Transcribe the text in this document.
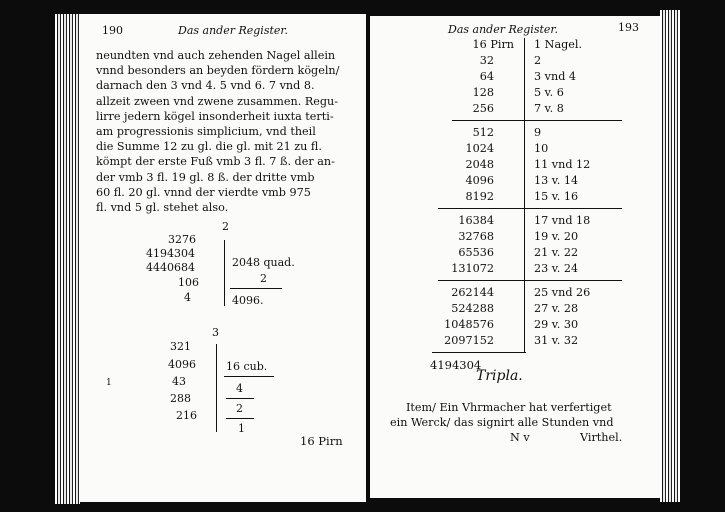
190	Das ander Register.
neundten vnd auch zehenden Nagel allein
vnnd besonders an beyden fördern kögeln/
darnach den 3 vnd 4. 5 vnd 6. 7 vnd 8.
allzeit zween vnd zwene zusammen. Regu-
lirre jedern kögel insonderheit iuxta terti-
am progressionis simplicium, vnd theil
die Summe 12 zu gl. die gl. mit 21 zu fl.
kömpt der erste Fuß vmb 3 fl. 7 ß. der an-
der vmb 3 fl. 19 gl. 8 ß. der dritte vmb
60 fl. 20 gl. vnnd der vierdte vmb 975
fl. vnd 5 gl. stehet also.
2
3276
4194304
4440684
106
4
2048 quad.
2
4096.
3
321
4096
43
288
216
16 cub.
4
2
1
1
16 Pirn
Das ander Register.	193
16 Pirn 1 Nagel.
32	2
64	3 vnd 4
128	5 v. 6
256	7 v. 8
512	9
1024	10
2048	11 vnd 12
4096	13 v. 14
8192	15 v. 16
16384	17 vnd 18
32768	19 v. 20
65536	21 v. 22
131072	23 v. 24
262144	25 vnd 26
524288	27 v. 28
1048576	29 v. 30
2097152	31 v. 32
4194304
Tripla.
Item/ Ein Vhrmacher hat verfertiget
ein Werck/ das signirt alle Stunden vnd
N v	Virthel.
